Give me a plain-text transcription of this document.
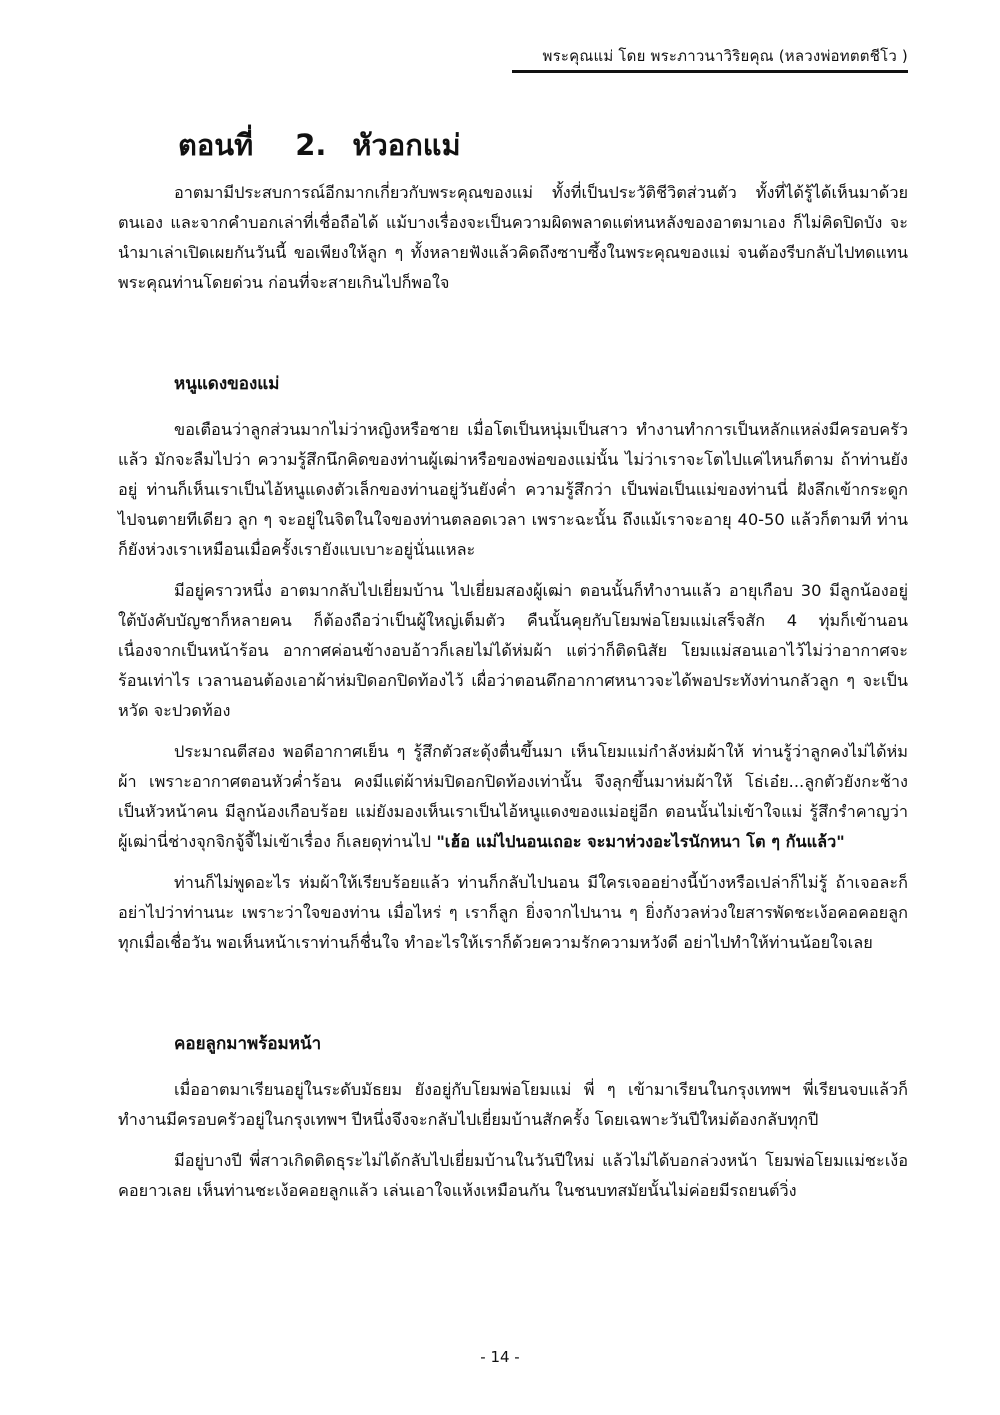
พระคุณแม่ โดย พระภาวนาวิริยคุณ (หลวงพ่อทตตชีโว )
ตอนที่ 2. หัวอกแม่

อาตมามีประสบการณ์อีกมากเกี่ยวกับพระคุณของแม่ ทั้งที่เป็นประวัติชีวิตส่วนตัว ทั้งที่ได้รู้ได้เห็นมาด้วยตนเอง และจากคำบอกเล่าที่เชื่อถือได้ แม้บางเรื่องจะเป็นความผิดพลาดแต่หนหลังของอาตมาเอง ก็ไม่คิดปิดบัง จะนำมาเล่าเปิดเผยกันวันนี้ ขอเพียงให้ลูก ๆ ทั้งหลายฟังแล้วคิดถึงซาบซึ้งในพระคุณของแม่ จนต้องรีบกลับไปทดแทนพระคุณท่านโดยด่วน ก่อนที่จะสายเกินไปก็พอใจ

หนูแดงของแม่

ขอเตือนว่าลูกส่วนมากไม่ว่าหญิงหรือชาย เมื่อโตเป็นหนุ่มเป็นสาว ทำงานทำการเป็นหลักแหล่งมีครอบครัวแล้ว มักจะลืมไปว่า ความรู้สึกนึกคิดของท่านผู้เฒ่าหรือของพ่อของแม่นั้น ไม่ว่าเราจะโตไปแค่ไหนก็ตาม ถ้าท่านยังอยู่ ท่านก็เห็นเราเป็นไอ้หนูแดงตัวเล็กของท่านอยู่วันยังค่ำ ความรู้สึกว่า เป็นพ่อเป็นแม่ของท่านนี่ ฝังลึกเข้ากระดูกไปจนตายทีเดียว ลูก ๆ จะอยู่ในจิตในใจของท่านตลอดเวลา เพราะฉะนั้น ถึงแม้เราจะอายุ 40-50 แล้วก็ตามที ท่านก็ยังห่วงเราเหมือนเมื่อครั้งเรายังแบเบาะอยู่นั่นแหละ

มีอยู่คราวหนึ่ง อาตมากลับไปเยี่ยมบ้าน ไปเยี่ยมสองผู้เฒ่า ตอนนั้นก็ทำงานแล้ว อายุเกือบ 30 มีลูกน้องอยู่ใต้บังคับบัญชาก็หลายคน ก็ต้องถือว่าเป็นผู้ใหญ่เต็มตัว คืนนั้นคุยกับโยมพ่อโยมแม่เสร็จสัก 4 ทุ่มก็เข้านอน เนื่องจากเป็นหน้าร้อน อากาศค่อนข้างอบอ้าวก็เลยไม่ได้ห่มผ้า แต่ว่าก็ติดนิสัย โยมแม่สอนเอาไว้ไม่ว่าอากาศจะร้อนเท่าไร เวลานอนต้องเอาผ้าห่มปิดอกปิดท้องไว้ เผื่อว่าตอนดึกอากาศหนาวจะได้พอประทังท่านกลัวลูก ๆ จะเป็นหวัด จะปวดท้อง

ประมาณตีสอง พอดีอากาศเย็น ๆ รู้สึกตัวสะดุ้งตื่นขึ้นมา เห็นโยมแม่กำลังห่มผ้าให้ ท่านรู้ว่าลูกคงไม่ได้ห่มผ้า เพราะอากาศตอนหัวค่ำร้อน คงมีแต่ผ้าห่มปิดอกปิดท้องเท่านั้น จึงลุกขึ้นมาห่มผ้าให้ โธ่เอ๋ย...ลูกตัวยังกะช้าง เป็นหัวหน้าคน มีลูกน้องเกือบร้อย แม่ยังมองเห็นเราเป็นไอ้หนูแดงของแม่อยู่อีก ตอนนั้นไม่เข้าใจแม่ รู้สึกรำคาญว่า ผู้เฒ่านี่ช่างจุกจิกจู้จี้ไม่เข้าเรื่อง ก็เลยดุท่านไป "เฮ้อ แม่ไปนอนเถอะ จะมาห่วงอะไรนักหนา โต ๆ กันแล้ว"

ท่านก็ไม่พูดอะไร ห่มผ้าให้เรียบร้อยแล้ว ท่านก็กลับไปนอน มีใครเจออย่างนี้บ้างหรือเปล่าก็ไม่รู้ ถ้าเจอละก็ อย่าไปว่าท่านนะ เพราะว่าใจของท่าน เมื่อไหร่ ๆ เราก็ลูก ยิ่งจากไปนาน ๆ ยิ่งกังวลห่วงใยสารพัดชะเง้อคอคอยลูกทุกเมื่อเชื่อวัน พอเห็นหน้าเราท่านก็ชื่นใจ ทำอะไรให้เราก็ด้วยความรักความหวังดี อย่าไปทำให้ท่านน้อยใจเลย

คอยลูกมาพร้อมหน้า

เมื่ออาตมาเรียนอยู่ในระดับมัธยม ยังอยู่กับโยมพ่อโยมแม่ พี่ ๆ เข้ามาเรียนในกรุงเทพฯ พี่เรียนจบแล้วก็ทำงานมีครอบครัวอยู่ในกรุงเทพฯ ปีหนึ่งจึงจะกลับไปเยี่ยมบ้านสักครั้ง โดยเฉพาะวันปีใหม่ต้องกลับทุกปี

มีอยู่บางปี พี่สาวเกิดติดธุระไม่ได้กลับไปเยี่ยมบ้านในวันปีใหม่ แล้วไม่ได้บอกล่วงหน้า โยมพ่อโยมแม่ชะเง้อคอยาวเลย เห็นท่านชะเง้อคอยลูกแล้ว เล่นเอาใจแห้งเหมือนกัน ในชนบทสมัยนั้นไม่ค่อยมีรถยนต์วิ่ง

- 14 -
